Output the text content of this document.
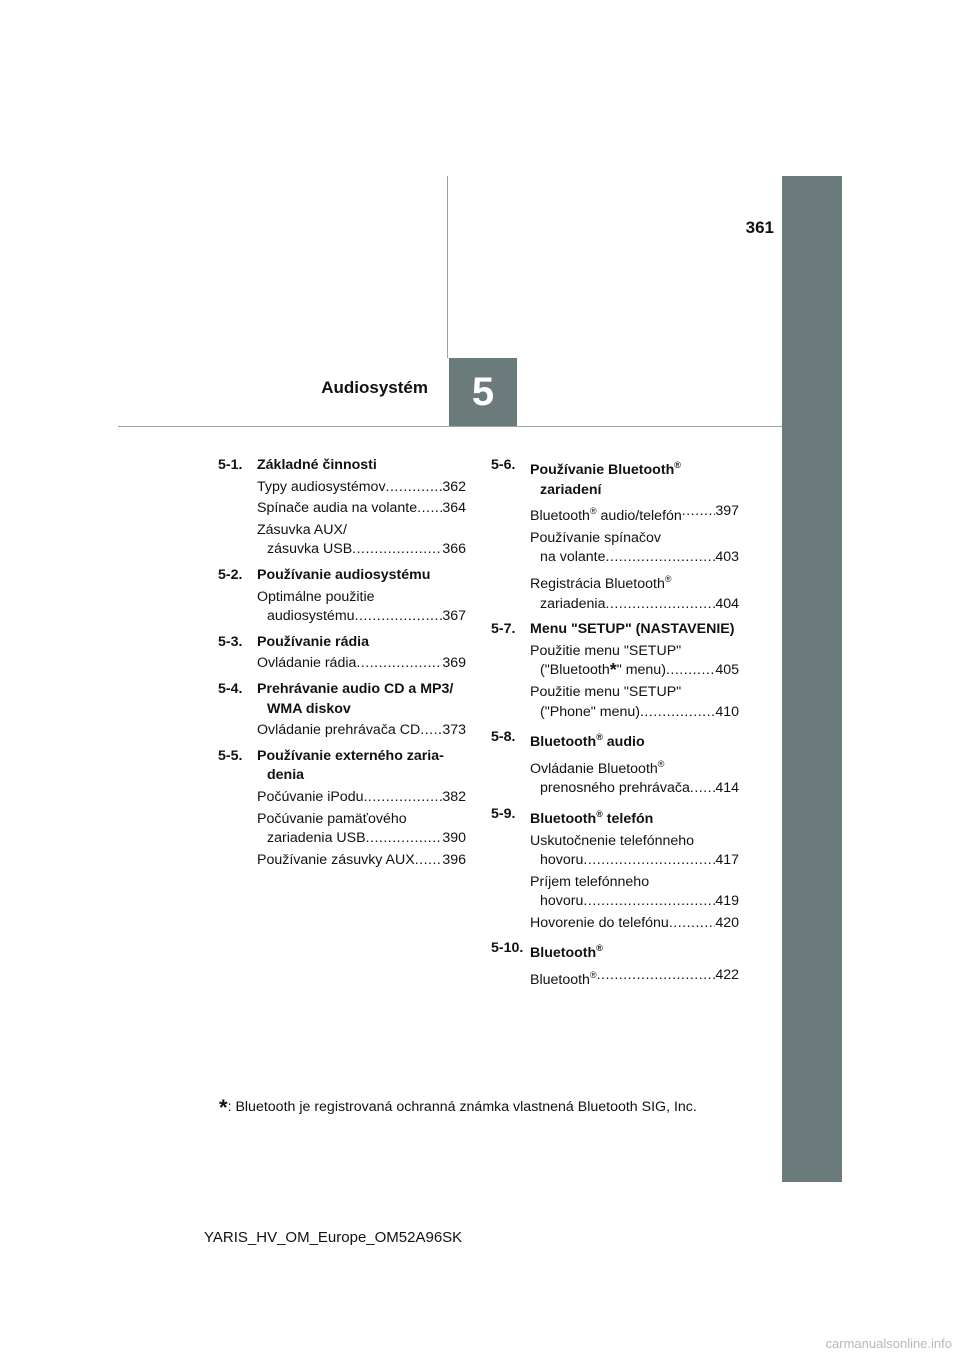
5
361
Audiosystém
5-1.	Základné činnosti
Typy audiosystémov .....	362
Spínače audia na volante ..... 364
Zásuvka AUX/
zásuvka USB .....	366
5-2.	Používanie audiosystému
Optimálne použitie
audiosystému .....	367
5-3.	Používanie rádia
Ovládanie rádia .....	369
5-4.	Prehrávanie audio CD a MP3/
WMA diskov
Ovládanie prehrávača CD ..... 373
5-5.	Používanie externého zaria-
denia
Počúvanie iPodu .....	382
Počúvanie pamäťového
zariadenia USB .....	390
Používanie zásuvky AUX ..... 396
5-6.	Používanie Bluetooth®
zariadení
Bluetooth® audio/telefón ..... 397
Používanie spínačov
na volante .....	403
Registrácia Bluetooth®
zariadenia .....	404
5-7.	Menu "SETUP" (NASTAVENIE)
Použitie menu "SETUP"
("Bluetooth*" menu) .....	405
Použitie menu "SETUP"
("Phone" menu) .....	410
5-8.	Bluetooth® audio
Ovládanie Bluetooth®
prenosného prehrávača ..... 414
5-9.	Bluetooth® telefón
Uskutočnenie telefónneho
hovoru .....	417
Príjem telefónneho
hovoru .....	419
Hovorenie do telefónu .....	420
5-10. Bluetooth®
Bluetooth® .....	422
*: Bluetooth je registrovaná ochranná známka vlastnená Bluetooth SIG, Inc.
YARIS_HV_OM_Europe_OM52A96SK
carmanualsonline.info
